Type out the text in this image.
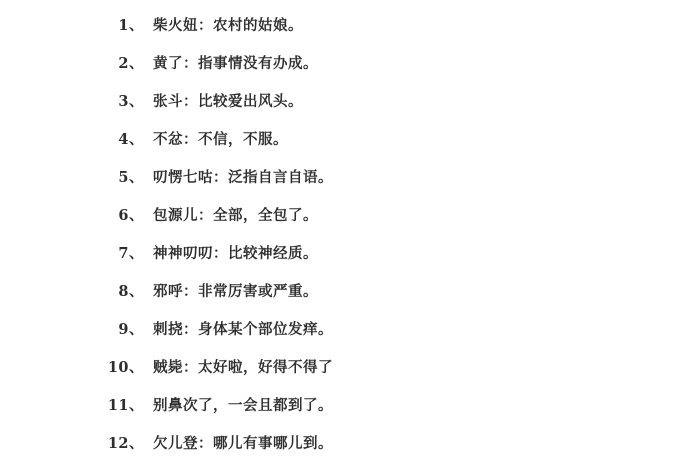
1、 柴火妞：农村的姑娘。
2、 黄了：指事情没有办成。
3、 张斗：比较爱出风头。
4、 不忿：不信，不服。
5、 叨愣七咕：泛指自言自语。
6、 包源儿：全部，全包了。
7、 神神叨叨：比较神经质。
8、 邪呼：非常厉害或严重。
9、 刺挠：身体某个部位发痒。
10、 贼毙：太好啦，好得不得了
11、 别鼻次了，一会且都到了。
12、 欠儿登：哪儿有事哪儿到。
